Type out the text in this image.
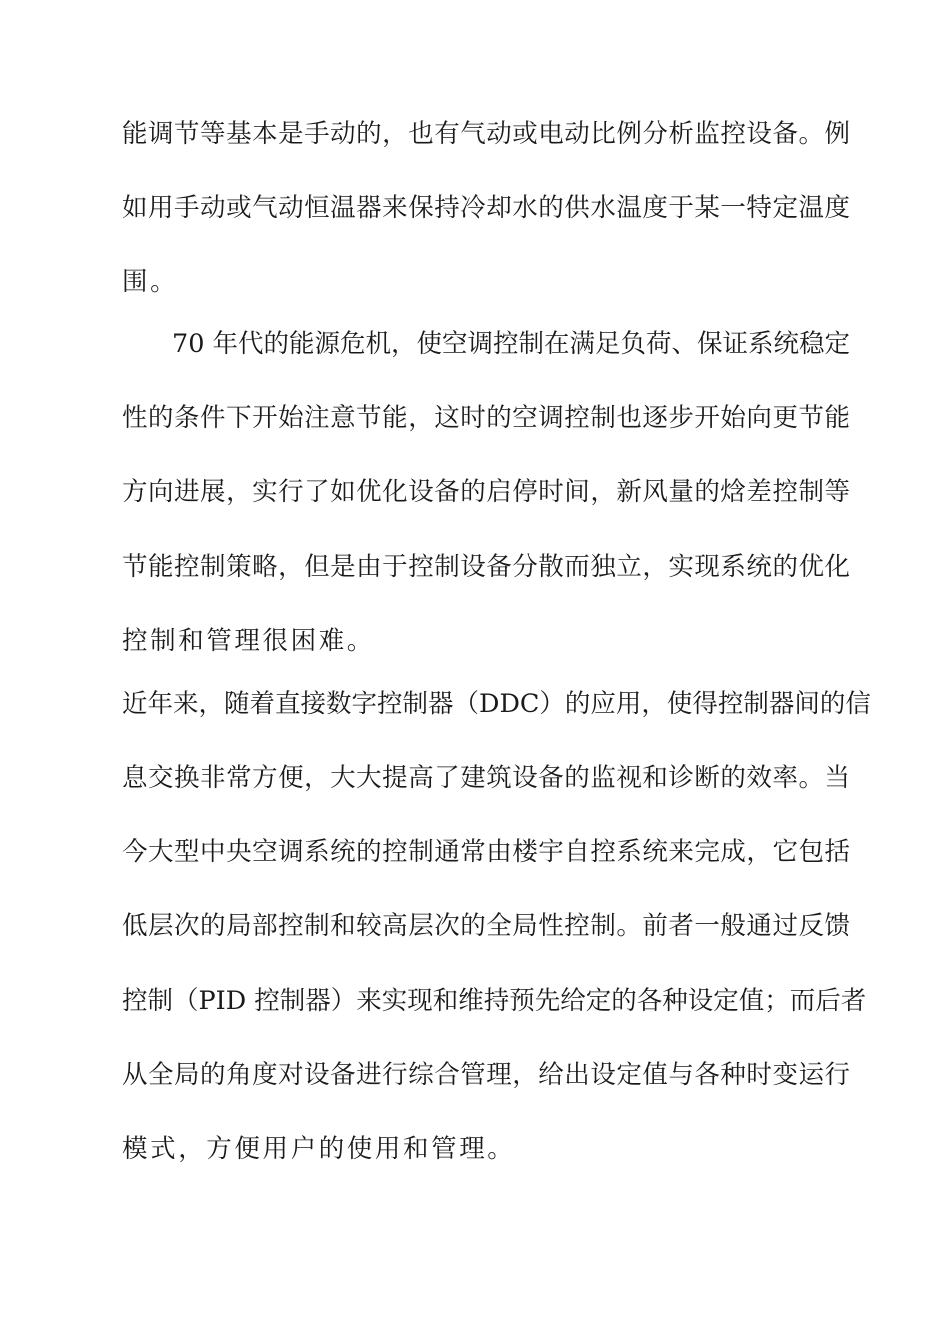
能调节等基本是手动的，也有气动或电动比例分析监控设备。例
如用手动或气动恒温器来保持冷却水的供水温度于某一特定温度
围。
70 年代的能源危机，使空调控制在满足负荷、保证系统稳定
性的条件下开始注意节能，这时的空调控制也逐步开始向更节能
方向进展，实行了如优化设备的启停时间，新风量的焓差控制等
节能控制策略，但是由于控制设备分散而独立，实现系统的优化
控制和管理很困难。
近年来，随着直接数字控制器（DDC）的应用，使得控制器间的信
息交换非常方便，大大提高了建筑设备的监视和诊断的效率。当
今大型中央空调系统的控制通常由楼宇自控系统来完成，它包括
低层次的局部控制和较高层次的全局性控制。前者一般通过反馈
控制（PID 控制器）来实现和维持预先给定的各种设定值；而后者
从全局的角度对设备进行综合管理，给出设定值与各种时变运行
模式，方便用户的使用和管理。
